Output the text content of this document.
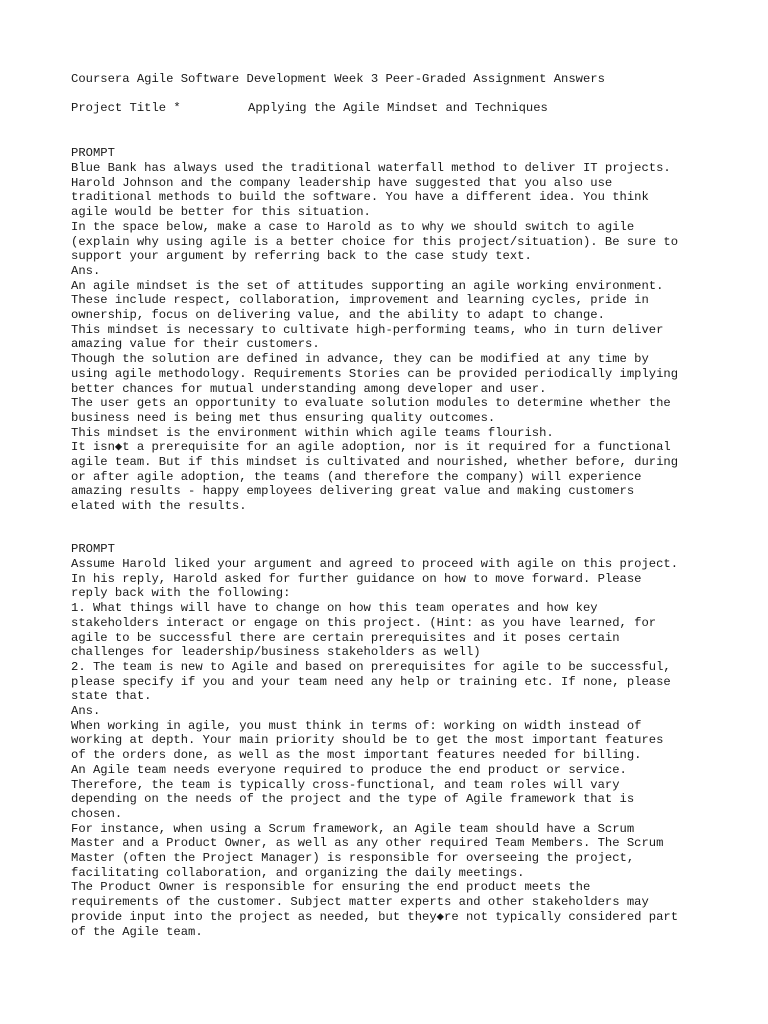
Coursera Agile Software Development Week 3 Peer-Graded Assignment Answers
Project Title *	Applying the Agile Mindset and Techniques
PROMPT
Blue Bank has always used the traditional waterfall method to deliver IT projects.
Harold Johnson and the company leadership have suggested that you also use
traditional methods to build the software. You have a different idea. You think
agile would be better for this situation.
In the space below, make a case to Harold as to why we should switch to agile
(explain why using agile is a better choice for this project/situation). Be sure to
support your argument by referring back to the case study text.
Ans.
An agile mindset is the set of attitudes supporting an agile working environment.
These include respect, collaboration, improvement and learning cycles, pride in
ownership, focus on delivering value, and the ability to adapt to change.
This mindset is necessary to cultivate high-performing teams, who in turn deliver
amazing value for their customers.
Though the solution are defined in advance, they can be modified at any time by
using agile methodology. Requirements Stories can be provided periodically implying
better chances for mutual understanding among developer and user.
The user gets an opportunity to evaluate solution modules to determine whether the
business need is being met thus ensuring quality outcomes.
This mindset is the environment within which agile teams flourish.
It isn◆t a prerequisite for an agile adoption, nor is it required for a functional
agile team. But if this mindset is cultivated and nourished, whether before, during
or after agile adoption, the teams (and therefore the company) will experience
amazing results - happy employees delivering great value and making customers
elated with the results.
PROMPT
Assume Harold liked your argument and agreed to proceed with agile on this project.
In his reply, Harold asked for further guidance on how to move forward. Please
reply back with the following:
1. What things will have to change on how this team operates and how key
stakeholders interact or engage on this project. (Hint: as you have learned, for
agile to be successful there are certain prerequisites and it poses certain
challenges for leadership/business stakeholders as well)
2. The team is new to Agile and based on prerequisites for agile to be successful,
please specify if you and your team need any help or training etc. If none, please
state that.
Ans.
When working in agile, you must think in terms of: working on width instead of
working at depth. Your main priority should be to get the most important features
of the orders done, as well as the most important features needed for billing.
An Agile team needs everyone required to produce the end product or service.
Therefore, the team is typically cross-functional, and team roles will vary
depending on the needs of the project and the type of Agile framework that is
chosen.
For instance, when using a Scrum framework, an Agile team should have a Scrum
Master and a Product Owner, as well as any other required Team Members. The Scrum
Master (often the Project Manager) is responsible for overseeing the project,
facilitating collaboration, and organizing the daily meetings.
The Product Owner is responsible for ensuring the end product meets the
requirements of the customer. Subject matter experts and other stakeholders may
provide input into the project as needed, but they◆re not typically considered part
of the Agile team.
